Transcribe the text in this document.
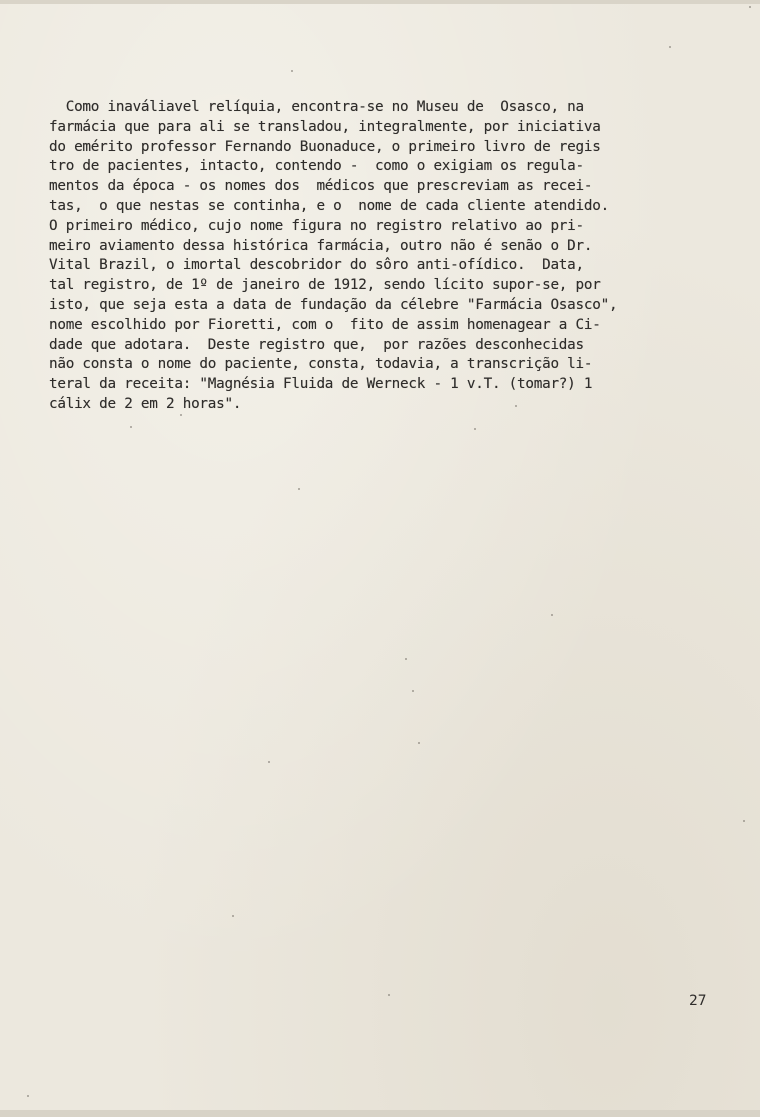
Como inaváliavel relíquia, encontra-se no Museu de  Osasco, na
farmácia que para ali se transladou, integralmente, por iniciativa
do emérito professor Fernando Buonaduce, o primeiro livro de regis
tro de pacientes, intacto, contendo -  como o exigiam os regula-
mentos da época - os nomes dos  médicos que prescreviam as recei-
tas,  o que nestas se continha, e o  nome de cada cliente atendido.
O primeiro médico, cujo nome figura no registro relativo ao pri-
meiro aviamento dessa histórica farmácia, outro não é senão o Dr.
Vital Brazil, o imortal descobridor do sôro anti-ofídico.  Data,
tal registro, de 1º de janeiro de 1912, sendo lícito supor-se, por
isto, que seja esta a data de fundação da célebre "Farmácia Osasco",
nome escolhido por Fioretti, com o  fito de assim homenagear a Ci-
dade que adotara.  Deste registro que,  por razões desconhecidas
não consta o nome do paciente, consta, todavia, a transcrição li-
teral da receita: "Magnésia Fluida de Werneck - 1 v.T. (tomar?) 1
cálix de 2 em 2 horas".
27
